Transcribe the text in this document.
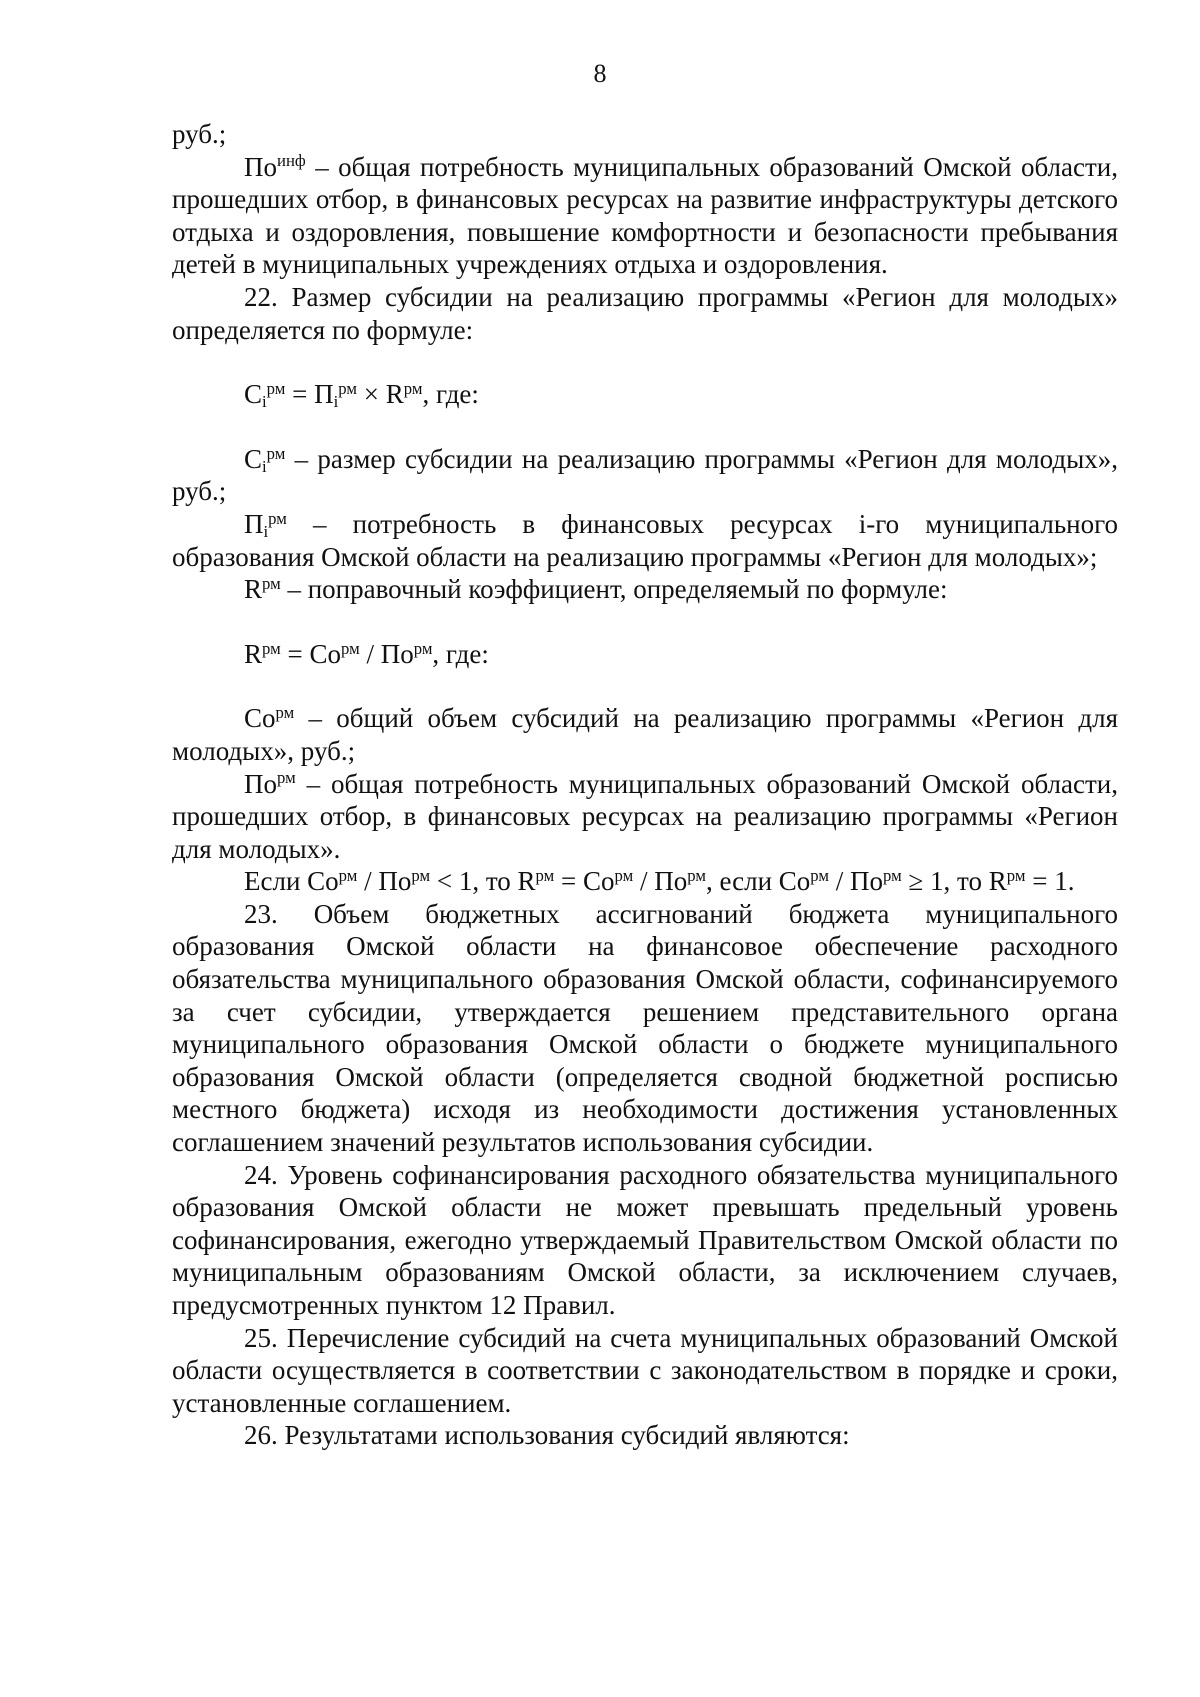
8

руб.;

$По^{инф}$ – общая потребность муниципальных образований Омской области, прошедших отбор, в финансовых ресурсах на развитие инфраструктуры детского отдыха и оздоровления, повышение комфортности и безопасности пребывания детей в муниципальных учреждениях отдыха и оздоровления.

22. Размер субсидии на реализацию программы «Регион для молодых» определяется по формуле:

$C_i^{рм} = П_i^{рм} \times R^{рм}$, где:

$C_i^{рм}$ – размер субсидии на реализацию программы «Регион для молодых», руб.;

$П_i^{рм}$ – потребность в финансовых ресурсах i-го муниципального образования Омской области на реализацию программы «Регион для молодых»;

$R^{рм}$ – поправочный коэффициент, определяемый по формуле:

$R^{рм} = Со^{рм} / По^{рм}$, где:

$Со^{рм}$ – общий объем субсидий на реализацию программы «Регион для молодых», руб.;

$По^{рм}$ – общая потребность муниципальных образований Омской области, прошедших отбор, в финансовых ресурсах на реализацию программы «Регион для молодых».

Если $Со^{рм} / По^{рм} < 1$, то $R^{рм} = Со^{рм} / По^{рм}$, если $Со^{рм} / По^{рм} \ge 1$, то $R^{рм} = 1$.

23. Объем бюджетных ассигнований бюджета муниципального образования Омской области на финансовое обеспечение расходного обязательства муниципального образования Омской области, софинансируемого за счет субсидии, утверждается решением представительного органа муниципального образования Омской области о бюджете муниципального образования Омской области (определяется сводной бюджетной росписью местного бюджета) исходя из необходимости достижения установленных соглашением значений результатов использования субсидии.

24. Уровень софинансирования расходного обязательства муниципального образования Омской области не может превышать предельный уровень софинансирования, ежегодно утверждаемый Правительством Омской области по муниципальным образованиям Омской области, за исключением случаев, предусмотренных пунктом 12 Правил.

25. Перечисление субсидий на счета муниципальных образований Омской области осуществляется в соответствии с законодательством в порядке и сроки, установленные соглашением.

26. Результатами использования субсидий являются:
